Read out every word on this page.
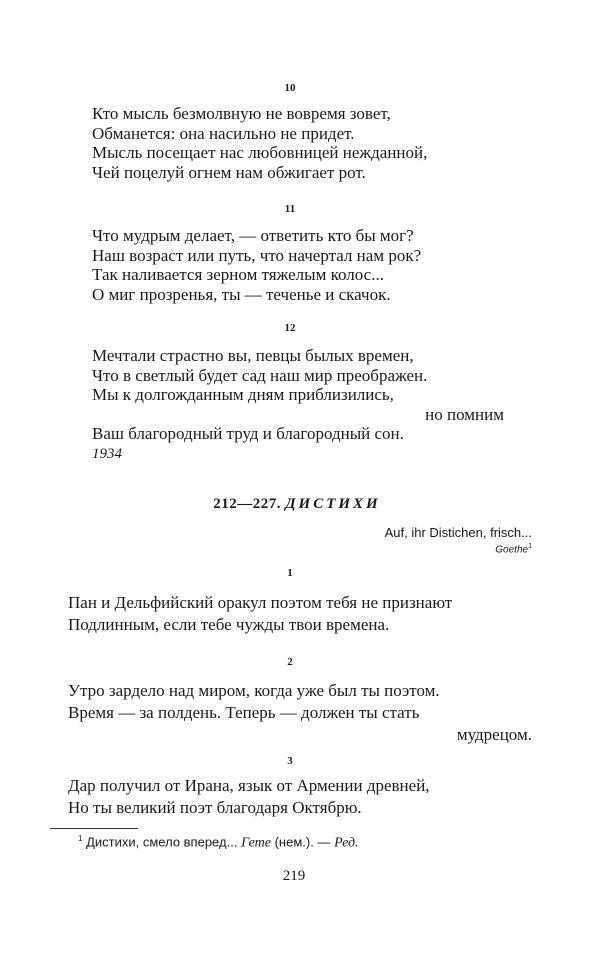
10
Кто мысль безмолвную не вовремя зовет,
Обманется: она насильно не придет.
Мысль посещает нас любовницей нежданной,
Чей поцелуй огнем нам обжигает рот.
11
Что мудрым делает, — ответить кто бы мог?
Наш возраст или путь, что начертал нам рок?
Так наливается зерном тяжелым колос...
О миг прозренья, ты — теченье и скачок.
12
Мечтали страстно вы, певцы былых времен,
Что в светлый будет сад наш мир преображен.
Мы к долгожданным дням приблизились,
но помним
Ваш благородный труд и благородный сон.
1934
212—227. ДИСТИХИ
Auf, ihr Distichen, frisch...
Goethe$^1$
1
Пан и Дельфийский оракул поэтом тебя не признают
Подлинным, если тебе чужды твои времена.
2
Утро зардело над миром, когда уже был ты поэтом.
Время — за полдень. Теперь — должен ты стать
мудрецом.
3
Дар получил от Ирана, язык от Армении древней,
Но ты великий поэт благодаря Октябрю.
$^1$ Дистихи, смело вперед... Гете (нем.). — Ред.
219
